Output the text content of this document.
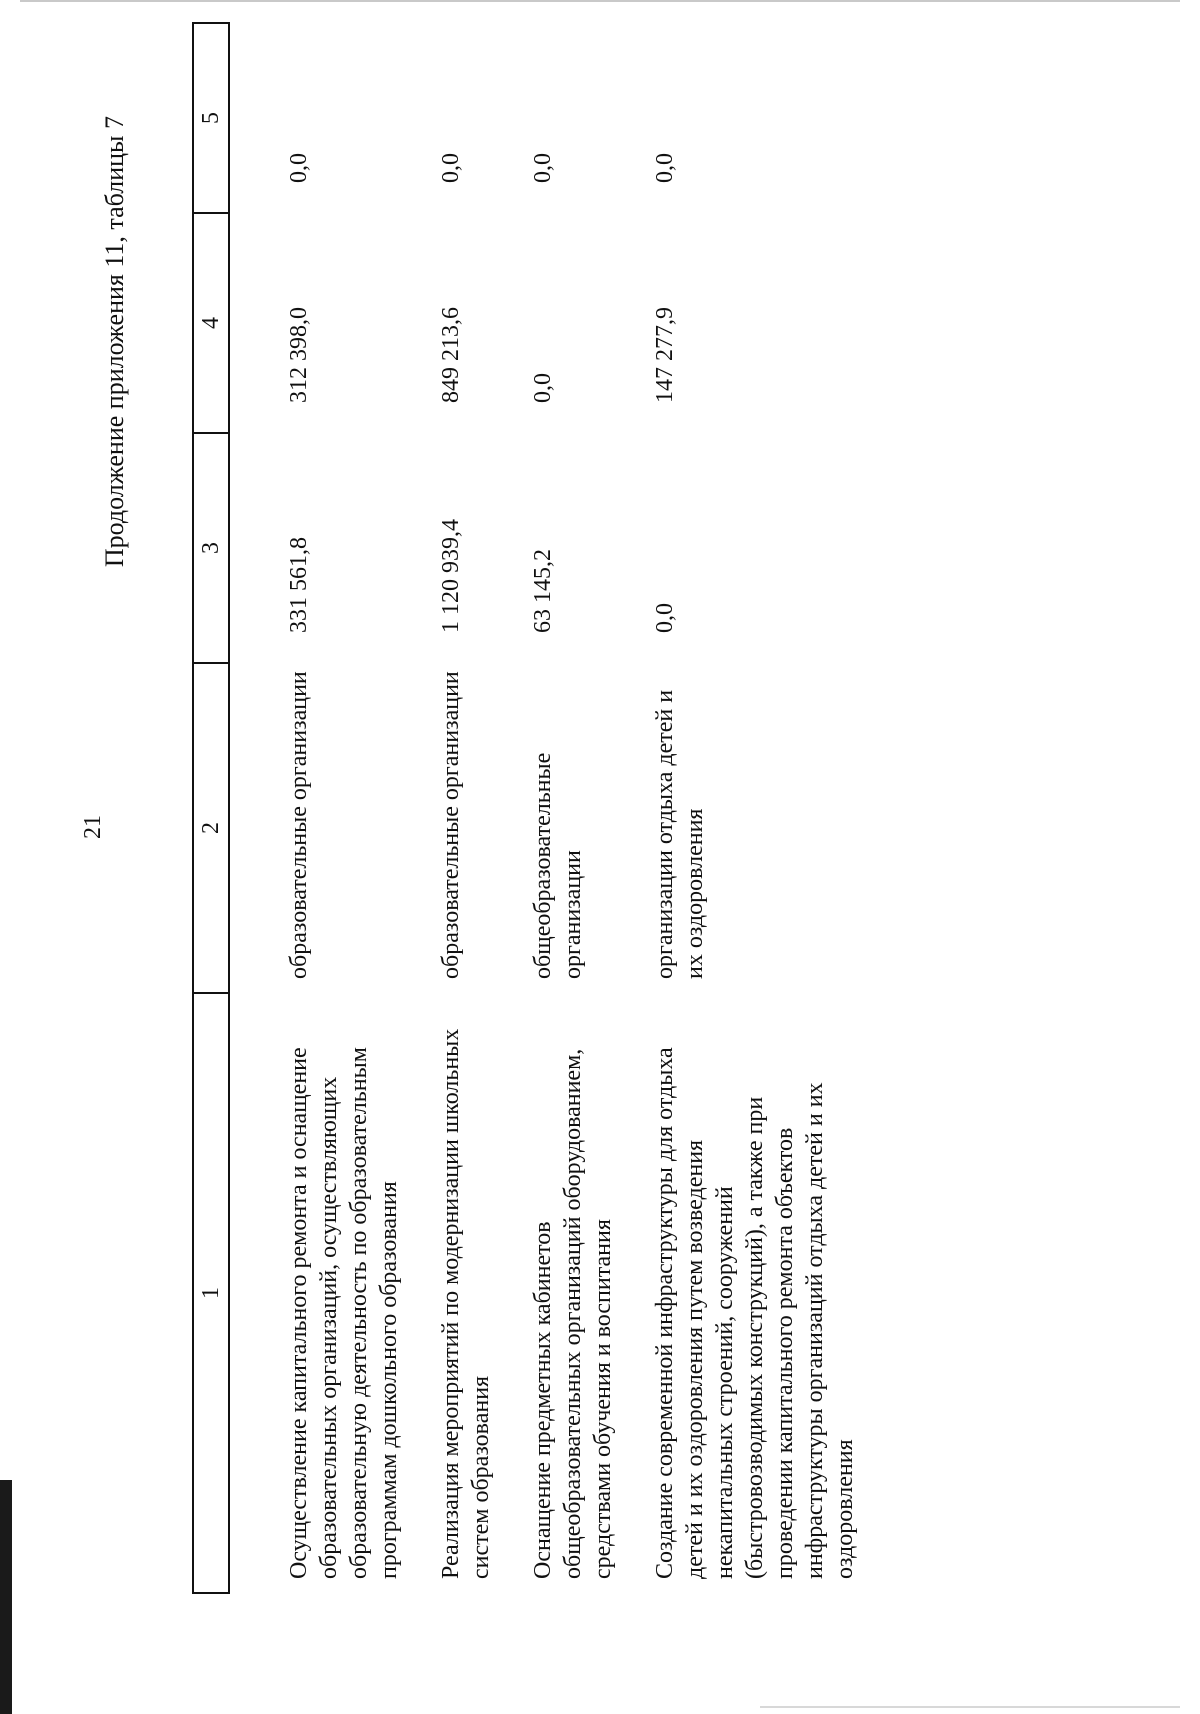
21
Продолжение приложения 11, таблицы 7
1	2	3	4	5
Осуществление капитального ремонта и оснащение образовательных организаций, осуществляющих образовательную деятельность по образовательным программам дошкольного образования	образовательные организации	331 561,8	312 398,0	0,0
Реализация мероприятий по модернизации школьных систем образования	образовательные организации	1 120 939,4	849 213,6	0,0
Оснащение предметных кабинетов общеобразовательных организаций оборудованием, средствами обучения и воспитания	общеобразовательные организации	63 145,2	0,0	0,0
Создание современной инфраструктуры для отдыха детей и их оздоровления путем возведения некапитальных строений, сооружений (быстровозводимых конструкций), а также при проведении капитального ремонта объектов инфраструктуры организаций отдыха детей и их оздоровления	организации отдыха детей и их оздоровления	0,0	147 277,9	0,0
